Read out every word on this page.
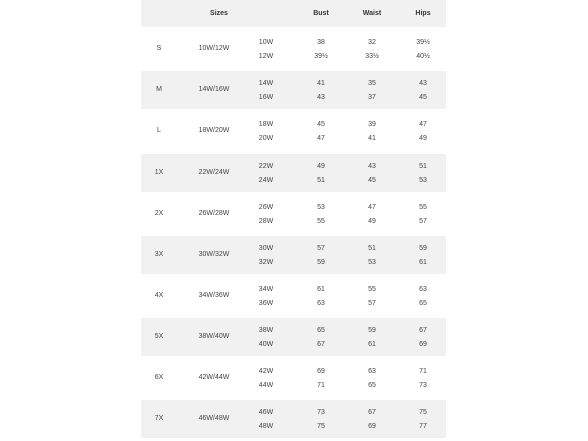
Sizes	Bust	Waist	Hips
S	10W/12W
10W	38	32	39½
12W	39½	33½	40½
M	14W/16W
14W	41	35	43
16W	43	37	45
L	18W/20W
18W	45	39	47
20W	47	41	49
1X	22W/24W
22W	49	43	51
24W	51	45	53
2X	26W/28W
26W	53	47	55
28W	55	49	57
3X	30W/32W
30W	57	51	59
32W	59	53	61
4X	34W/36W
34W	61	55	63
36W	63	57	65
5X	38W/40W
38W	65	59	67
40W	67	61	69
6X	42W/44W
42W	69	63	71
44W	71	65	73
7X	46W/48W
46W	73	67	75
48W	75	69	77
